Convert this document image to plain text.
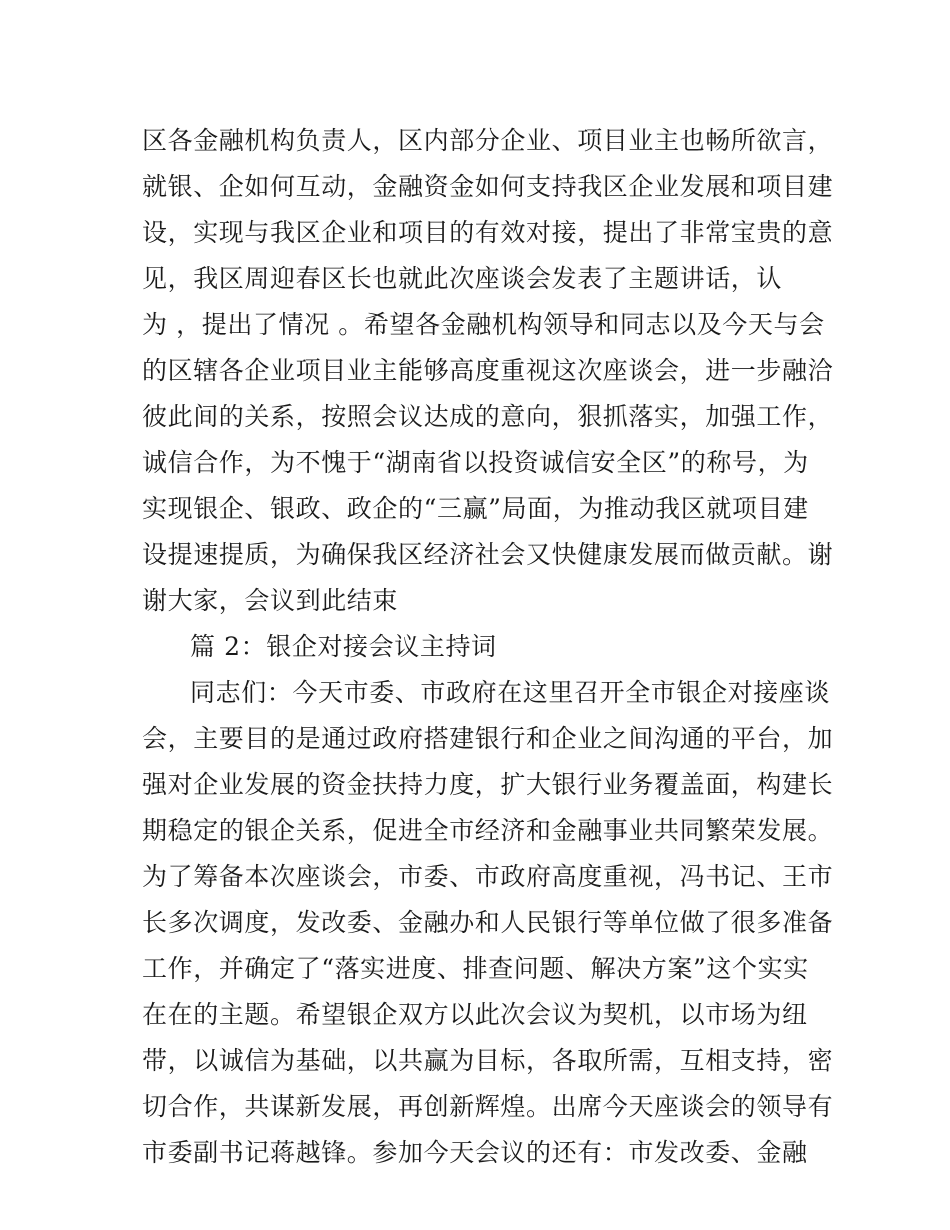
区各金融机构负责人，区内部分企业、项目业主也畅所欲言，
就银、企如何互动，金融资金如何支持我区企业发展和项目建
设，实现与我区企业和项目的有效对接，提出了非常宝贵的意
见，我区周迎春区长也就此次座谈会发表了主题讲话，认
为 ，提出了情况 。希望各金融机构领导和同志以及今天与会
的区辖各企业项目业主能够高度重视这次座谈会，进一步融洽
彼此间的关系，按照会议达成的意向，狠抓落实，加强工作，
诚信合作，为不愧于“湖南省以投资诚信安全区”的称号，为
实现银企、银政、政企的“三赢”局面，为推动我区就项目建
设提速提质，为确保我区经济社会又快健康发展而做贡献。谢
谢大家，会议到此结束
篇 2：银企对接会议主持词
同志们：今天市委、市政府在这里召开全市银企对接座谈
会，主要目的是通过政府搭建银行和企业之间沟通的平台，加
强对企业发展的资金扶持力度，扩大银行业务覆盖面，构建长
期稳定的银企关系，促进全市经济和金融事业共同繁荣发展。
为了筹备本次座谈会，市委、市政府高度重视，冯书记、王市
长多次调度，发改委、金融办和人民银行等单位做了很多准备
工作，并确定了“落实进度、排查问题、解决方案”这个实实
在在的主题。希望银企双方以此次会议为契机，以市场为纽
带，以诚信为基础，以共赢为目标，各取所需，互相支持，密
切合作，共谋新发展，再创新辉煌。出席今天座谈会的领导有
市委副书记蒋越锋。参加今天会议的还有：市发改委、金融
